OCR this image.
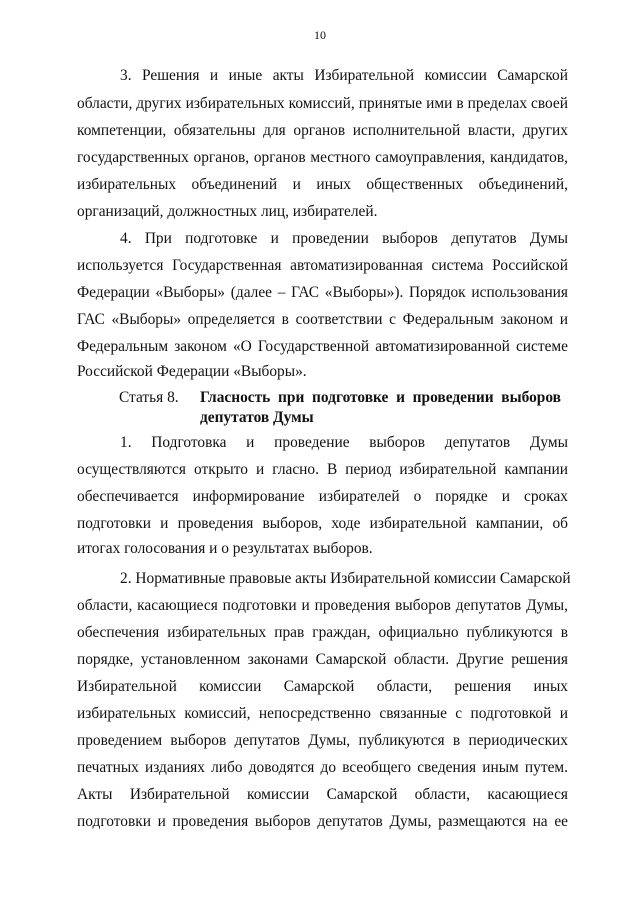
10
3. Решения и иные акты Избирательной комиссии Самарской
области, других избирательных комиссий, принятые ими в пределах своей
компетенции, обязательны для органов исполнительной власти, других
государственных органов, органов местного самоуправления, кандидатов,
избирательных объединений и иных общественных объединений,
организаций, должностных лиц, избирателей.
4. При подготовке и проведении выборов депутатов Думы
используется Государственная автоматизированная система Российской
Федерации «Выборы» (далее – ГАС «Выборы»). Порядок использования
ГАС «Выборы» определяется в соответствии с Федеральным законом и
Федеральным законом «О Государственной автоматизированной системе
Российской Федерации «Выборы».
Статья 8. Гласность при подготовке и проведении выборов
депутатов Думы
1. Подготовка и проведение выборов депутатов Думы
осуществляются открыто и гласно. В период избирательной кампании
обеспечивается информирование избирателей о порядке и сроках
подготовки и проведения выборов, ходе избирательной кампании, об
итогах голосования и о результатах выборов.
2. Нормативные правовые акты Избирательной комиссии Самарской
области, касающиеся подготовки и проведения выборов депутатов Думы,
обеспечения избирательных прав граждан, официально публикуются в
порядке, установленном законами Самарской области. Другие решения
Избирательной комиссии Самарской области, решения иных
избирательных комиссий, непосредственно связанные с подготовкой и
проведением выборов депутатов Думы, публикуются в периодических
печатных изданиях либо доводятся до всеобщего сведения иным путем.
Акты Избирательной комиссии Самарской области, касающиеся
подготовки и проведения выборов депутатов Думы, размещаются на ее
